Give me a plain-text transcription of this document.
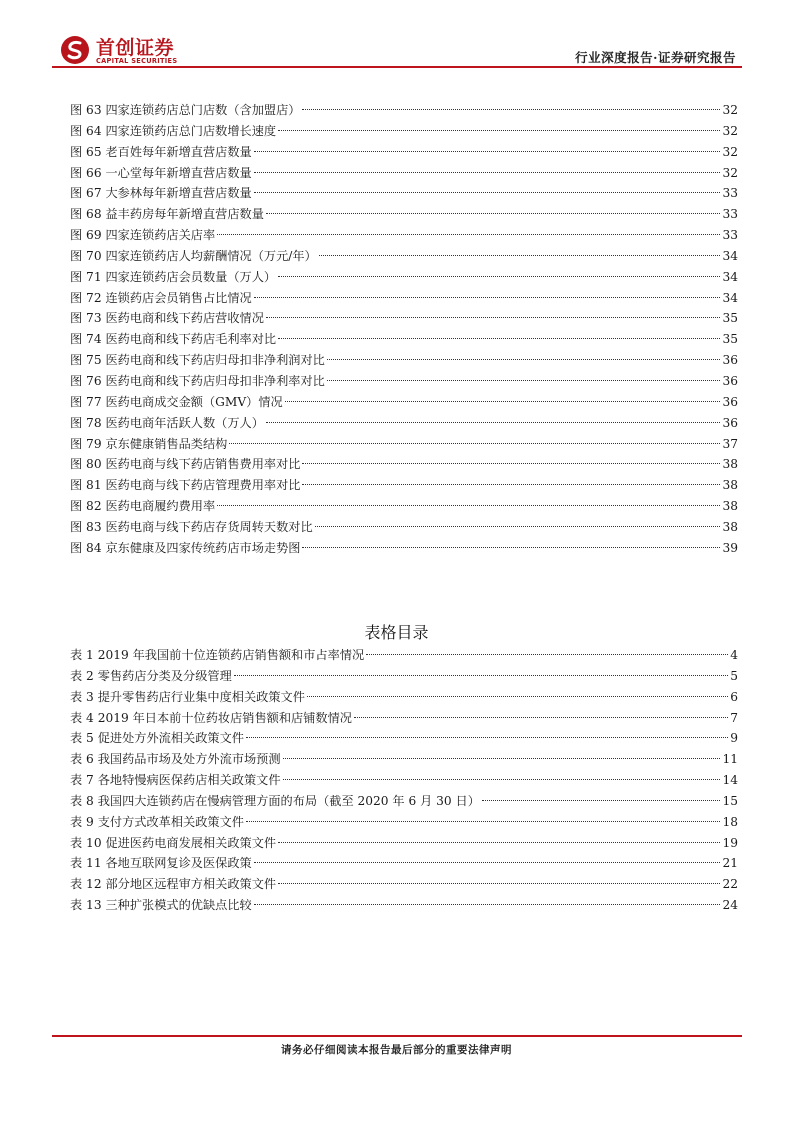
首创证券
CAPITAL SECURITIES	行业深度报告·证券研究报告
图 63 四家连锁药店总门店数（含加盟店）	32
图 64 四家连锁药店总门店数增长速度	32
图 65 老百姓每年新增直营店数量	32
图 66 一心堂每年新增直营店数量	32
图 67 大参林每年新增直营店数量	33
图 68 益丰药房每年新增直营店数量	33
图 69 四家连锁药店关店率	33
图 70 四家连锁药店人均薪酬情况（万元/年）	34
图 71 四家连锁药店会员数量（万人）	34
图 72 连锁药店会员销售占比情况	34
图 73 医药电商和线下药店营收情况	35
图 74 医药电商和线下药店毛利率对比	35
图 75 医药电商和线下药店归母扣非净利润对比	36
图 76 医药电商和线下药店归母扣非净利率对比	36
图 77 医药电商成交金额（GMV）情况	36
图 78 医药电商年活跃人数（万人）	36
图 79 京东健康销售品类结构	37
图 80 医药电商与线下药店销售费用率对比	38
图 81 医药电商与线下药店管理费用率对比	38
图 82 医药电商履约费用率	38
图 83 医药电商与线下药店存货周转天数对比	38
图 84 京东健康及四家传统药店市场走势图	39
表格目录
表 1 2019 年我国前十位连锁药店销售额和市占率情况	4
表 2 零售药店分类及分级管理	5
表 3 提升零售药店行业集中度相关政策文件	6
表 4 2019 年日本前十位药妆店销售额和店铺数情况	7
表 5 促进处方外流相关政策文件	9
表 6 我国药品市场及处方外流市场预测	11
表 7 各地特慢病医保药店相关政策文件	14
表 8 我国四大连锁药店在慢病管理方面的布局（截至 2020 年 6 月 30 日）	15
表 9 支付方式改革相关政策文件	18
表 10 促进医药电商发展相关政策文件	19
表 11 各地互联网复诊及医保政策	21
表 12 部分地区远程审方相关政策文件	22
表 13 三种扩张模式的优缺点比较	24
请务必仔细阅读本报告最后部分的重要法律声明
